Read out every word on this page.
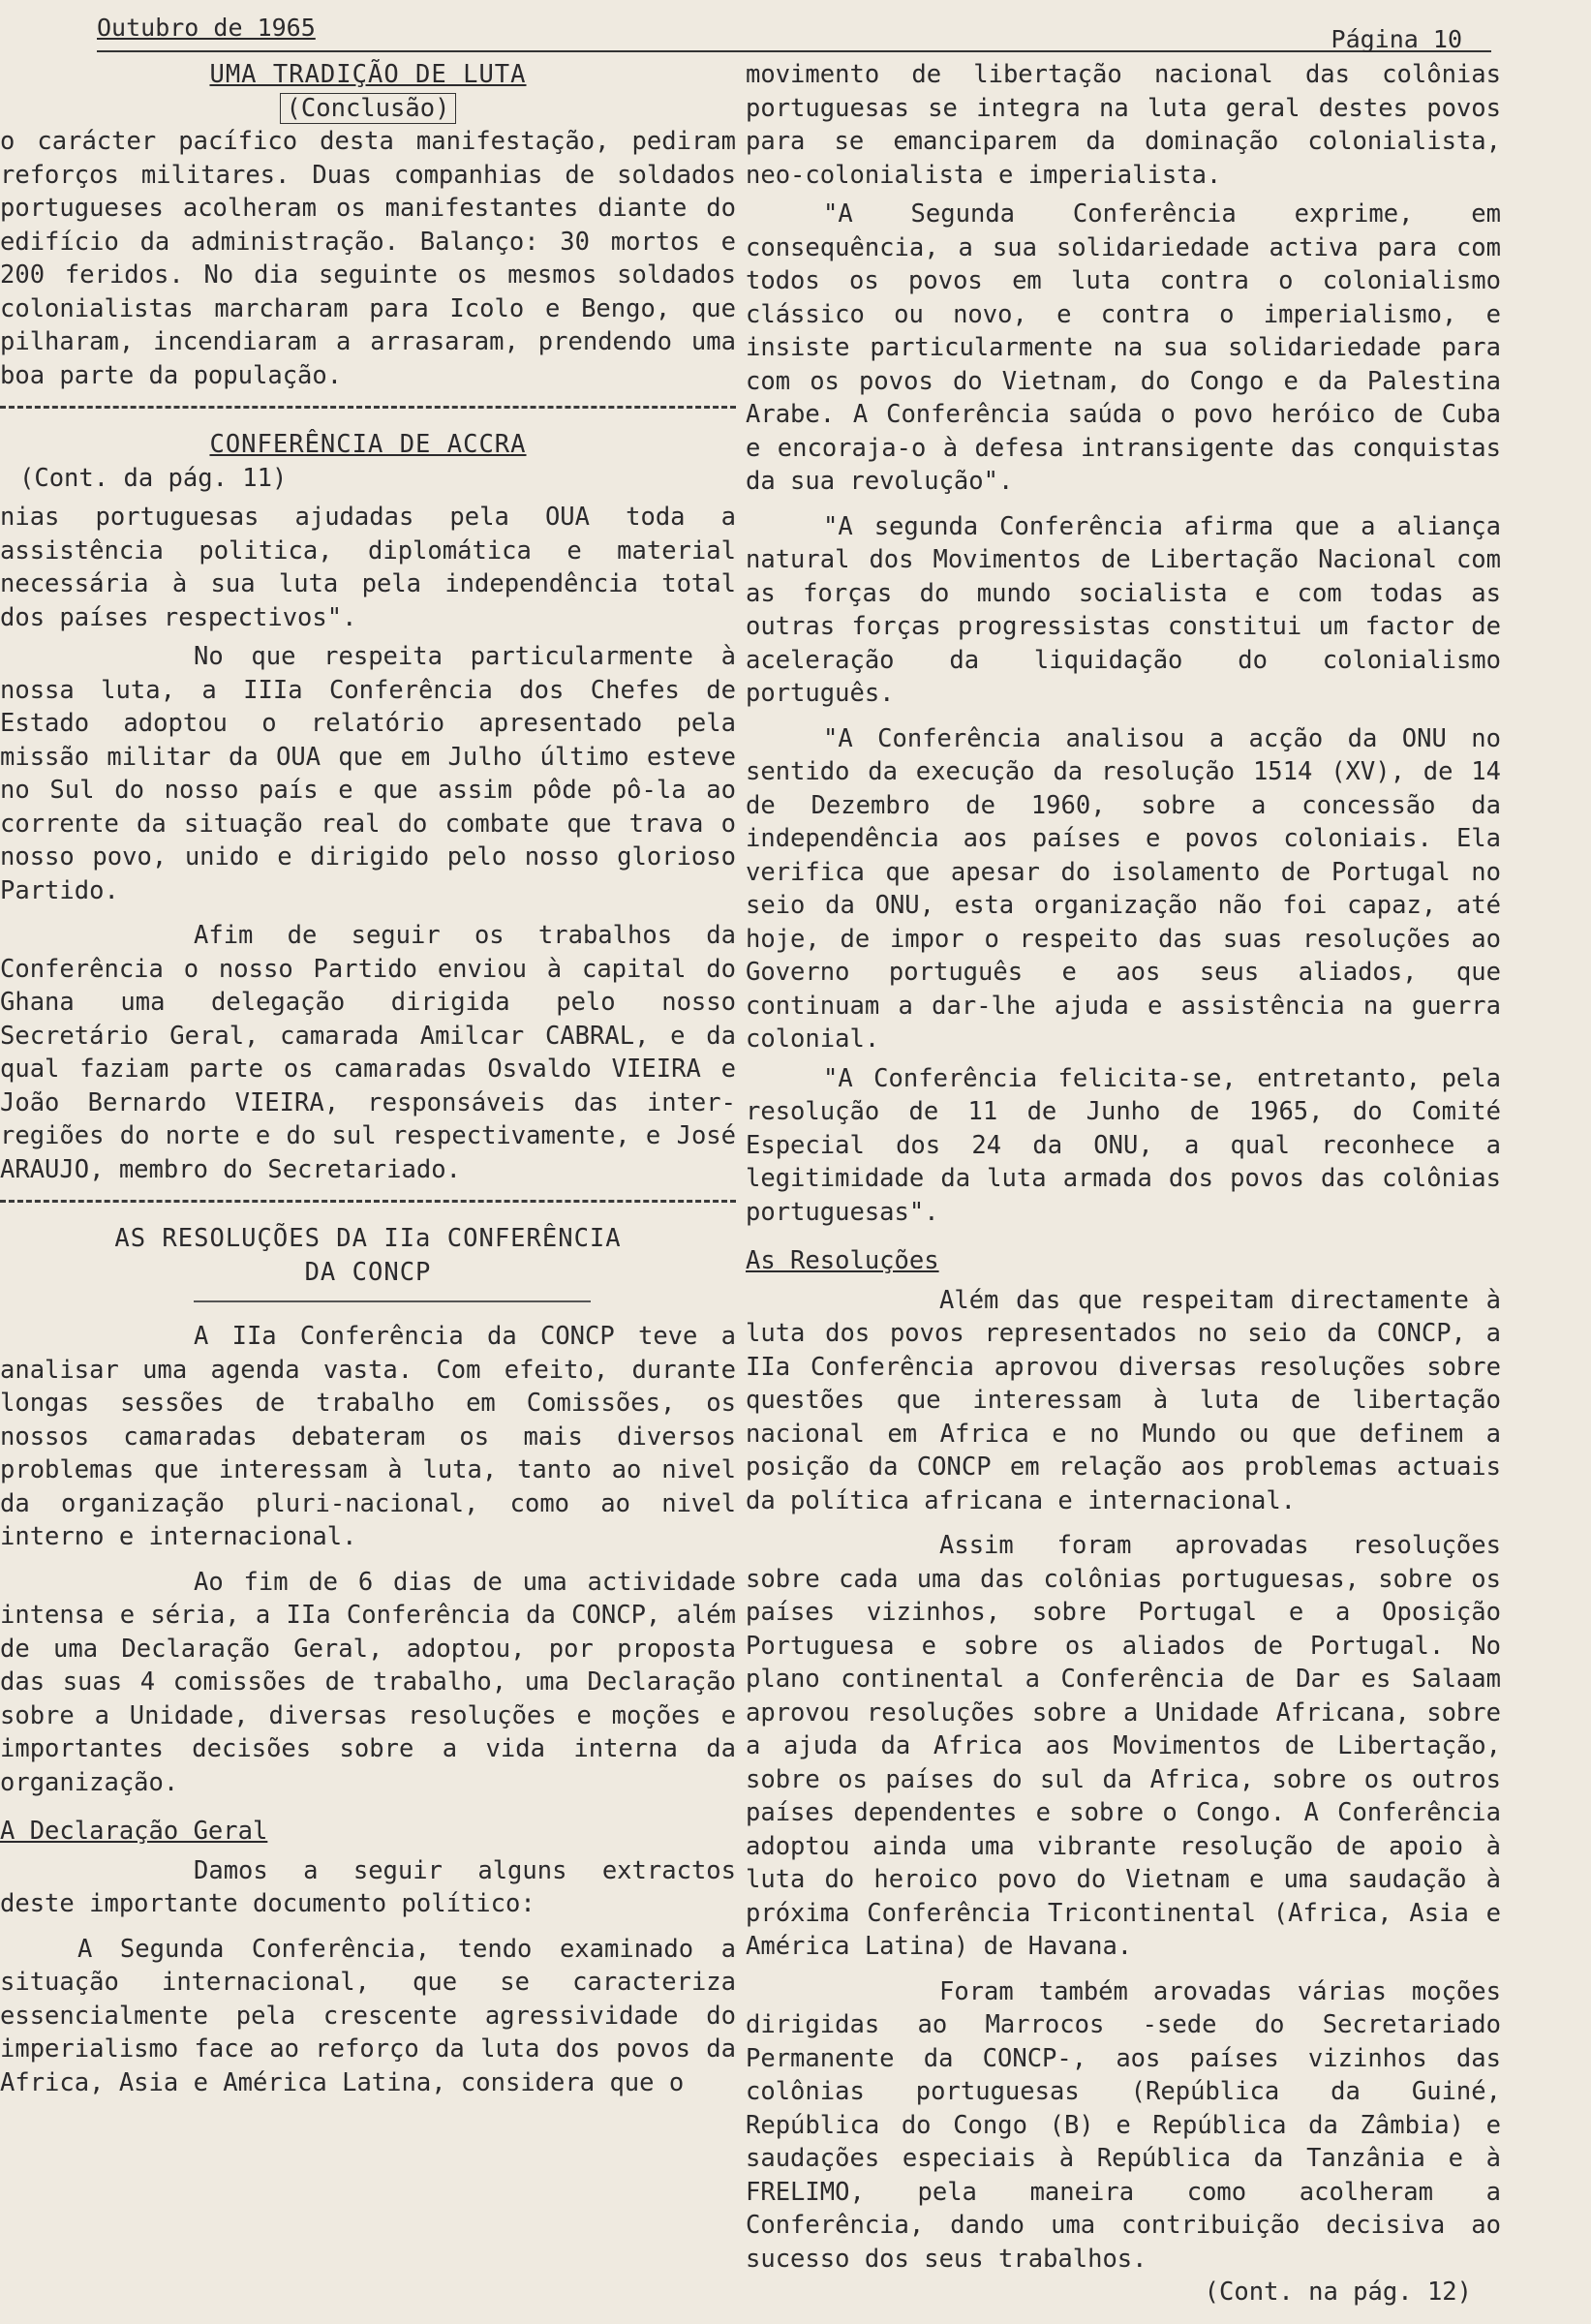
Outubro de 1965	Página 10
UMA TRADIÇÃO DE LUTA
(Conclusão)

o carácter pacífico desta manifestação, pediram reforços militares. Duas companhias de soldados portugueses acolheram os manifestantes diante do edifício da administração. Balanço: 30 mortos e 200 feridos. No dia seguinte os mesmos soldados colonialistas marcharam para Icolo e Bengo, que pilharam, incendiaram a arrasaram, prendendo uma boa parte da população.

CONFERÊNCIA DE ACCRA

(Cont. da pág. 11)

nias portuguesas ajudadas pela OUA toda a assistência politica, diplomática e material necessária à sua luta pela independência total dos países respectivos".

No que respeita particularmente à nossa luta, a IIIa Conferência dos Chefes de Estado adoptou o relatório apresentado pela missão militar da OUA que em Julho último esteve no Sul do nosso país e que assim pôde pô-la ao corrente da situação real do combate que trava o nosso povo, unido e dirigido pelo nosso glorioso Partido.

Afim de seguir os trabalhos da Conferência o nosso Partido enviou à capital do Ghana uma delegação dirigida pelo nosso Secretário Geral, camarada Amilcar CABRAL, e da qual faziam parte os camaradas Osvaldo VIEIRA e João Bernardo VIEIRA, responsáveis das inter-regiões do norte e do sul respectivamente, e José ARAUJO, membro do Secretariado.

AS RESOLUÇÕES DA IIa CONFERÊNCIA
DA CONCP

A IIa Conferência da CONCP teve a analisar uma agenda vasta. Com efeito, durante longas sessões de trabalho em Comissões, os nossos camaradas debateram os mais diversos problemas que interessam à luta, tanto ao nivel da organização pluri-nacional, como ao nivel interno e internacional.

Ao fim de 6 dias de uma actividade intensa e séria, a IIa Conferência da CONCP, além de uma Declaração Geral, adoptou, por proposta das suas 4 comissões de trabalho, uma Declaração sobre a Unidade, diversas resoluções e moções e importantes decisões sobre a vida interna da organização.

A Declaração Geral

Damos a seguir alguns extractos deste importante documento político:

A Segunda Conferência, tendo examinado a situação internacional, que se caracteriza essencialmente pela crescente agressividade do imperialismo face ao reforço da luta dos povos da Africa, Asia e América Latina, considera que o

movimento de libertação nacional das colônias portuguesas se integra na luta geral destes povos para se emanciparem da dominação colonialista, neo-colonialista e imperialista.

"A Segunda Conferência exprime, em consequência, a sua solidariedade activa para com todos os povos em luta contra o colonialismo clássico ou novo, e contra o imperialismo, e insiste particularmente na sua solidariedade para com os povos do Vietnam, do Congo e da Palestina Arabe. A Conferência saúda o povo heróico de Cuba e encoraja-o à defesa intransigente das conquistas da sua revolução".

"A segunda Conferência afirma que a aliança natural dos Movimentos de Libertação Nacional com as forças do mundo socialista e com todas as outras forças progressistas constitui um factor de aceleração da liquidação do colonialismo português.

"A Conferência analisou a acção da ONU no sentido da execução da resolução 1514 (XV), de 14 de Dezembro de 1960, sobre a concessão da independência aos países e povos coloniais. Ela verifica que apesar do isolamento de Portugal no seio da ONU, esta organização não foi capaz, até hoje, de impor o respeito das suas resoluções ao Governo português e aos seus aliados, que continuam a dar-lhe ajuda e assistência na guerra colonial.

"A Conferência felicita-se, entretanto, pela resolução de 11 de Junho de 1965, do Comité Especial dos 24 da ONU, a qual reconhece a legitimidade da luta armada dos povos das colônias portuguesas".

As Resoluções

Além das que respeitam directamente à luta dos povos representados no seio da CONCP, a IIa Conferência aprovou diversas resoluções sobre questões que interessam à luta de libertação nacional em Africa e no Mundo ou que definem a posição da CONCP em relação aos problemas actuais da política africana e internacional.

Assim foram aprovadas resoluções sobre cada uma das colônias portuguesas, sobre os países vizinhos, sobre Portugal e a Oposição Portuguesa e sobre os aliados de Portugal. No plano continental a Conferência de Dar es Salaam aprovou resoluções sobre a Unidade Africana, sobre a ajuda da Africa aos Movimentos de Libertação, sobre os países do sul da Africa, sobre os outros países dependentes e sobre o Congo. A Conferência adoptou ainda uma vibrante resolução de apoio à luta do heroico povo do Vietnam e uma saudação à próxima Conferência Tricontinental (Africa, Asia e América Latina) de Havana.

Foram também arovadas várias moções dirigidas ao Marrocos -sede do Secretariado Permanente da CONCP-, aos países vizinhos das colônias portuguesas (República da Guiné, República do Congo (B) e República da Zâmbia) e saudações especiais à República da Tanzânia e à FRELIMO, pela maneira como acolheram a Conferência, dando uma contribuição decisiva ao sucesso dos seus trabalhos.

(Cont. na pág. 12)
